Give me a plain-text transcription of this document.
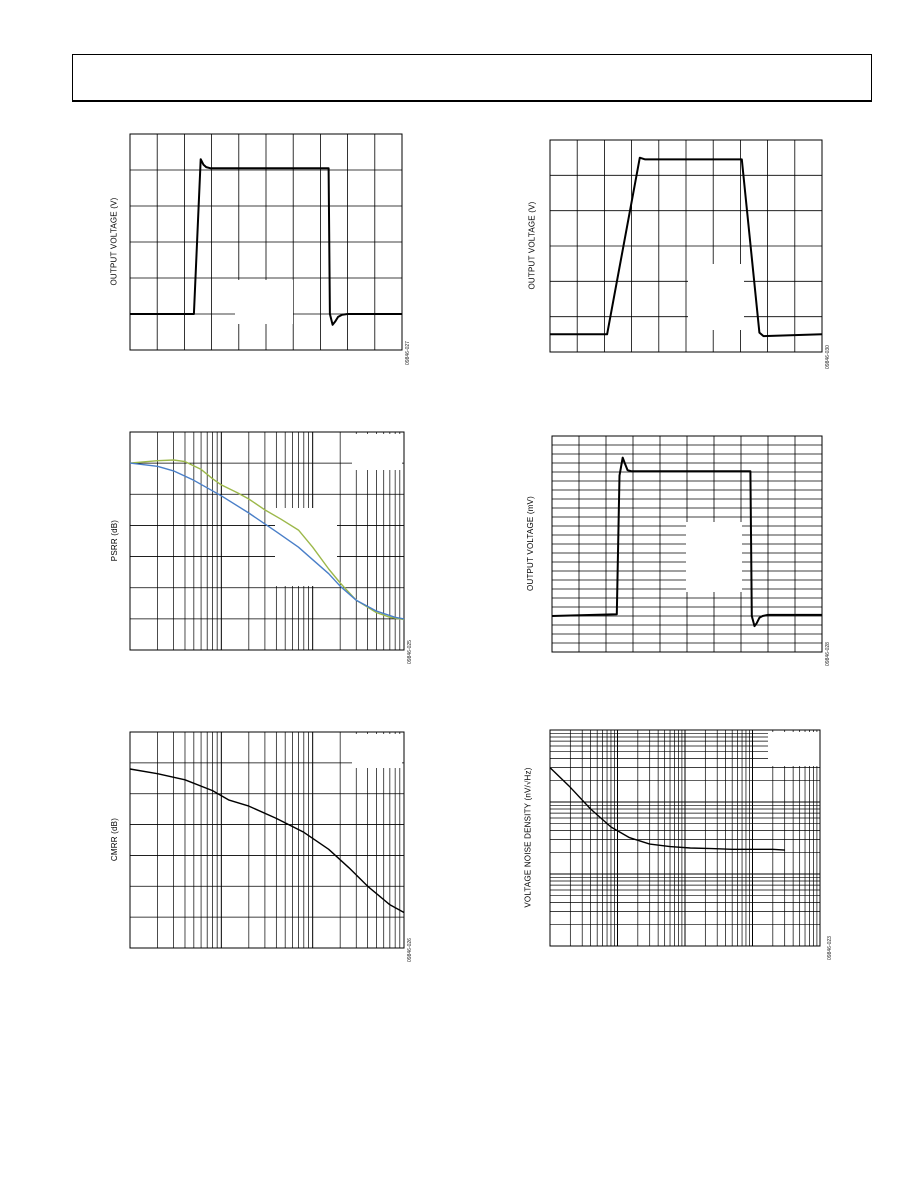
OUTPUT VOLTAGE (V)
09846-027
OUTPUT VOLTAGE (V)
09846-030
PSRR (dB)
09846-025
OUTPUT VOLTAGE (mV)
09846-028
CMRR (dB)
09846-026
VOLTAGE NOISE DENSITY (nV/√Hz)
09846-023
